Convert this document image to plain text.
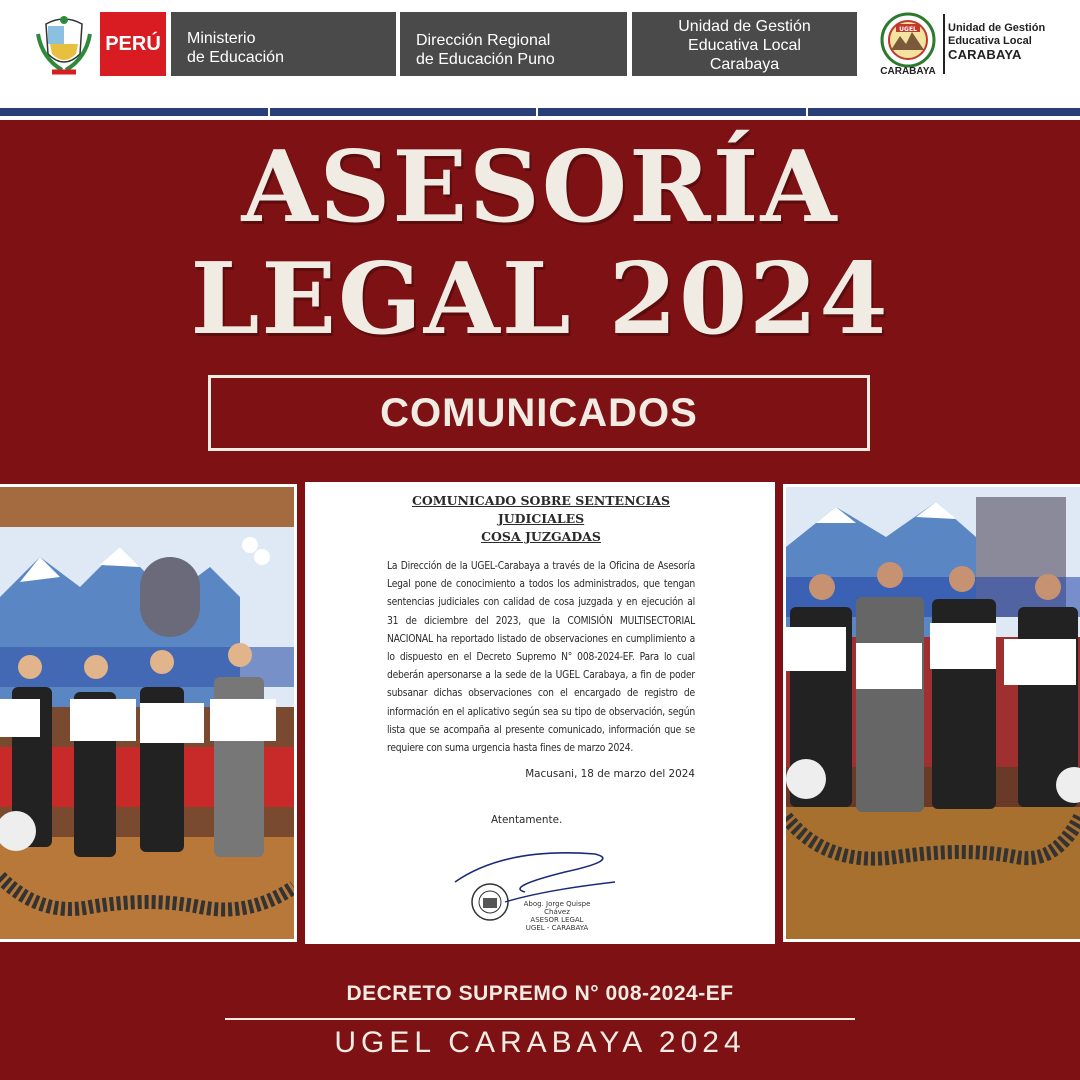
PERÚ	Ministerio
de Educación
Dirección Regional
de Educación Puno
Unidad de Gestión
Educativa Local
Carabaya
UGEL
CARABAYA
Unidad de Gestión
Educativa Local
CARABAYA
ASESORÍA
LEGAL 2024
COMUNICADOS
COMUNICADO SOBRE SENTENCIAS JUDICIALES
COSA JUZGADAS
La Dirección de la UGEL-Carabaya a través de la Oficina de Asesoría Legal pone de conocimiento a todos los administrados, que tengan sentencias judiciales con calidad de cosa juzgada y en ejecución al 31 de diciembre del 2023, que la COMISIÓN MULTISECTORIAL NACIONAL ha reportado listado de observaciones en cumplimiento a lo dispuesto en el Decreto Supremo N° 008-2024-EF. Para lo cual deberán apersonarse a la sede de la UGEL Carabaya, a fin de poder subsanar dichas observaciones con el encargado de registro de información en el aplicativo según sea su tipo de observación, según lista que se acompaña al presente comunicado, información que se requiere con suma urgencia hasta fines de marzo 2024.
Macusani, 18 de marzo del 2024
Atentamente.
Abog. Jorge Quispe Chávez
ASESOR LEGAL
UGEL - CARABAYA
DECRETO SUPREMO N° 008-2024-EF
UGEL CARABAYA 2024
